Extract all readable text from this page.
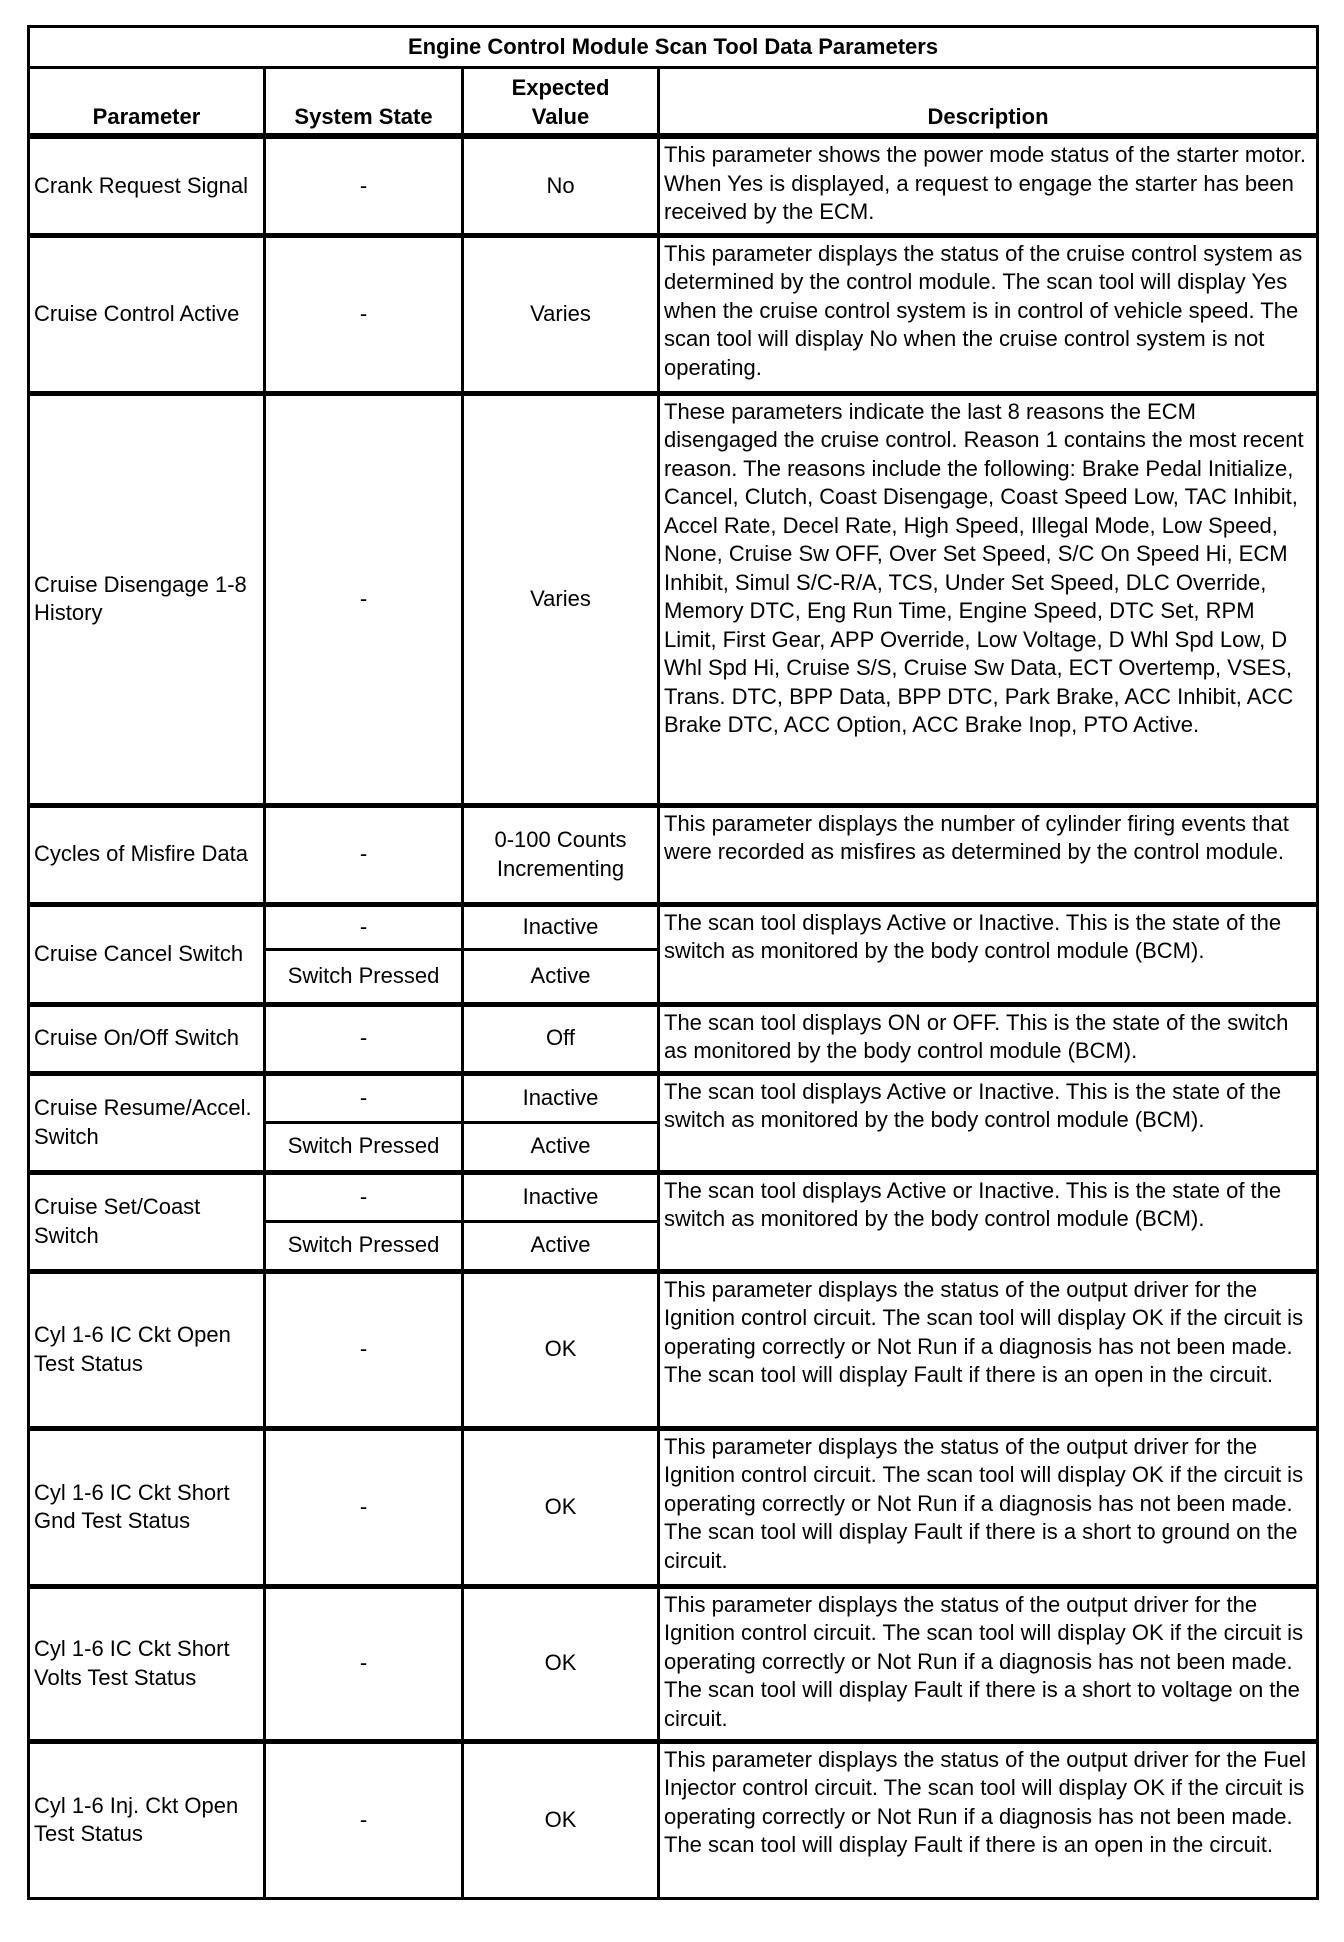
Engine Control Module Scan Tool Data Parameters			
Parameter	System State	Expected Value	Description
Crank Request Signal	-	No	This parameter shows the power mode status of the starter motor. When Yes is displayed, a request to engage the starter has been received by the ECM.
Cruise Control Active	-	Varies	This parameter displays the status of the cruise control system as determined by the control module. The scan tool will display Yes when the cruise control system is in control of vehicle speed. The scan tool will display No when the cruise control system is not operating.
Cruise Disengage 1-8 History	-	Varies	These parameters indicate the last 8 reasons the ECM disengaged the cruise control. Reason 1 contains the most recent reason. The reasons include the following: Brake Pedal Initialize, Cancel, Clutch, Coast Disengage, Coast Speed Low, TAC Inhibit, Accel Rate, Decel Rate, High Speed, Illegal Mode, Low Speed, None, Cruise Sw OFF, Over Set Speed, S/C On Speed Hi, ECM Inhibit, Simul S/C-R/A, TCS, Under Set Speed, DLC Override, Memory DTC, Eng Run Time, Engine Speed, DTC Set, RPM Limit, First Gear, APP Override, Low Voltage, D Whl Spd Low, D Whl Spd Hi, Cruise S/S, Cruise Sw Data, ECT Overtemp, VSES, Trans. DTC, BPP Data, BPP DTC, Park Brake, ACC Inhibit, ACC Brake DTC, ACC Option, ACC Brake Inop, PTO Active.
Cycles of Misfire Data	-	0-100 Counts Incrementing	This parameter displays the number of cylinder firing events that were recorded as misfires as determined by the control module.
Cruise Cancel Switch	-	Inactive	The scan tool displays Active or Inactive. This is the state of the switch as monitored by the body control module (BCM).
	Switch Pressed	Active	
Cruise On/Off Switch	-	Off	The scan tool displays ON or OFF. This is the state of the switch as monitored by the body control module (BCM).
Cruise Resume/Accel. Switch	-	Inactive	The scan tool displays Active or Inactive. This is the state of the switch as monitored by the body control module (BCM).
	Switch Pressed	Active	
Cruise Set/Coast Switch	-	Inactive	The scan tool displays Active or Inactive. This is the state of the switch as monitored by the body control module (BCM).
	Switch Pressed	Active	
Cyl 1-6 IC Ckt Open Test Status	-	OK	This parameter displays the status of the output driver for the Ignition control circuit. The scan tool will display OK if the circuit is operating correctly or Not Run if a diagnosis has not been made. The scan tool will display Fault if there is an open in the circuit.
Cyl 1-6 IC Ckt Short Gnd Test Status	-	OK	This parameter displays the status of the output driver for the Ignition control circuit. The scan tool will display OK if the circuit is operating correctly or Not Run if a diagnosis has not been made. The scan tool will display Fault if there is a short to ground on the circuit.
Cyl 1-6 IC Ckt Short Volts Test Status	-	OK	This parameter displays the status of the output driver for the Ignition control circuit. The scan tool will display OK if the circuit is operating correctly or Not Run if a diagnosis has not been made. The scan tool will display Fault if there is a short to voltage on the circuit.
Cyl 1-6 Inj. Ckt Open Test Status	-	OK	This parameter displays the status of the output driver for the Fuel Injector control circuit. The scan tool will display OK if the circuit is operating correctly or Not Run if a diagnosis has not been made. The scan tool will display Fault if there is an open in the circuit.
